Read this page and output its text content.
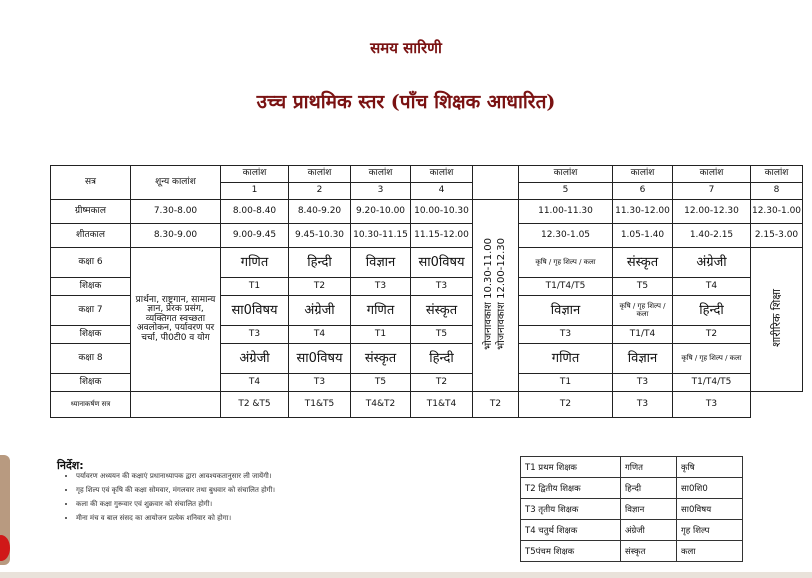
समय सारिणी
उच्च प्राथमिक स्तर (पाँच शिक्षक आधारित)
सत्र	शून्य कालांश	कालांश	कालांश	कालांश	कालांश		कालांश	कालांश	कालांश	कालांश
		1	2	3	4		5	6	7	8
ग्रीष्मकाल	7.30-8.00	8.00-8.40	8.40-9.20	9.20-10.00	10.00-10.30	भोजनावकाश 10.30-11.00 भोजनावकाश 12.00-12.30	11.00-11.30	11.30-12.00	12.00-12.30	12.30-1.00
शीतकाल	8.30-9.00	9.00-9.45	9.45-10.30	10.30-11.15	11.15-12.00		12.30-1.05	1.05-1.40	1.40-2.15	2.15-3.00
कक्षा 6	प्रार्थना, राष्ट्रगान, सामान्य ज्ञान, प्रेरक प्रसंग, व्यक्तिगत स्वच्छता अवलोकन, पर्यावरण पर चर्चा, पी0टी0 व योग	गणित	हिन्दी	विज्ञान	सा0विषय		कृषि / गृह शिल्प / कला	संस्कृत	अंग्रेजी	शारीरिक शिक्षा
शिक्षक		T1	T2	T3	T3		T1/T4/T5	T5	T4	
कक्षा 7		सा0विषय	अंग्रेजी	गणित	संस्कृत		विज्ञान	कृषि / गृह शिल्प / कला	हिन्दी	
शिक्षक		T3	T4	T1	T5		T3	T1/T4	T2	
कक्षा 8		अंग्रेजी	सा0विषय	संस्कृत	हिन्दी		गणित	विज्ञान	कृषि / गृह शिल्प / कला	
शिक्षक		T4	T3	T5	T2		T1	T3	T1/T4/T5	
ध्यानाकर्षण सत्र		T2 &T5	T1&T5	T4&T2	T1&T4	T2	T2	T3	T3	
निर्देश:
• पर्यावरण अध्ययन की कक्षाएं प्रधानाध्यापक द्वारा आवश्यकतानुसार ली जायेंगी।
• गृह शिल्प एवं कृषि की कक्षा सोमवार, मंगलवार तथा बुधवार को संचालित होगी।
• कला की कक्षा गुरूवार एवं शुक्रवार को संचालित होगी।
• मीना मंच व बाल संसद का आयोजन प्रत्येक शनिवार को होगा।
T1 प्रथम शिक्षक	गणित	कृषि
T2 द्वितीय शिक्षक	हिन्दी	सा0शि0
T3 तृतीय शिक्षक	विज्ञान	सा0विषय
T4 चतुर्थ शिक्षक	अंग्रेजी	गृह शिल्प
T5पंचम शिक्षक	संस्कृत	कला
